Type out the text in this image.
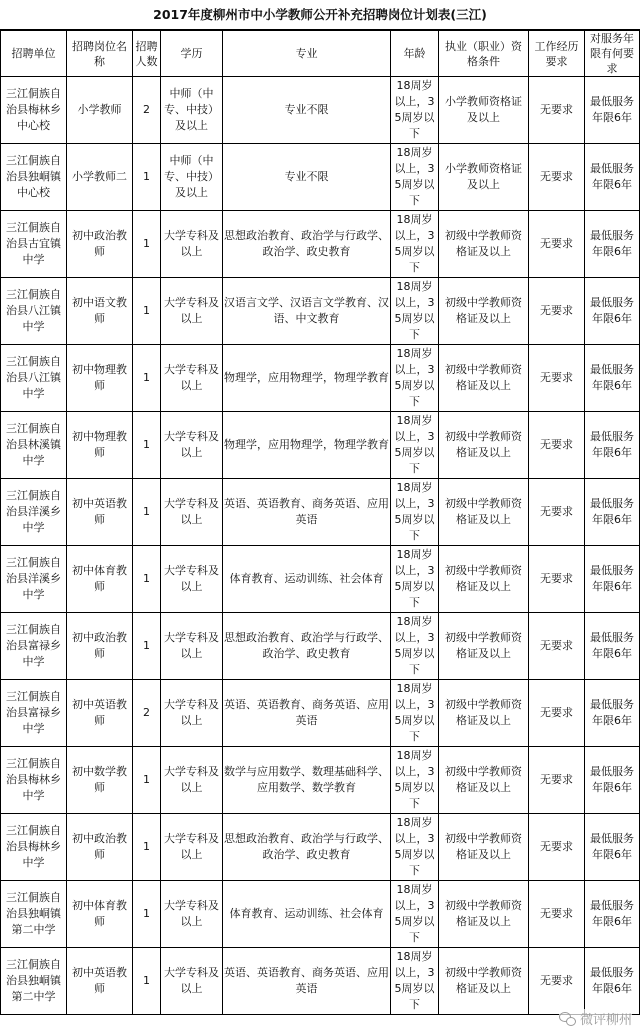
2017年度柳州市中小学教师公开补充招聘岗位计划表(三江)
招聘单位	招聘岗位名称	招聘人数	学历	专业	年龄	执业（职业）资格条件	工作经历要求	对服务年限有何要求
三江侗族自治县梅林乡中心校	小学教师	2	中师（中专、中技）及以上	专业不限	18周岁以上，35周岁以下	小学教师资格证及以上	无要求	最低服务年限6年
三江侗族自治县独峒镇中心校	小学教师二	1	中师（中专、中技）及以上	专业不限	18周岁以上，35周岁以下	小学教师资格证及以上	无要求	最低服务年限6年
三江侗族自治县古宜镇中学	初中政治教师	1	大学专科及以上	思想政治教育、政治学与行政学、政治学、政史教育	18周岁以上，35周岁以下	初级中学教师资格证及以上	无要求	最低服务年限6年
三江侗族自治县八江镇中学	初中语文教师	1	大学专科及以上	汉语言文学、汉语言文学教育、汉语、中文教育	18周岁以上，35周岁以下	初级中学教师资格证及以上	无要求	最低服务年限6年
三江侗族自治县八江镇中学	初中物理教师	1	大学专科及以上	物理学，应用物理学，物理学教育	18周岁以上，35周岁以下	初级中学教师资格证及以上	无要求	最低服务年限6年
三江侗族自治县林溪镇中学	初中物理教师	1	大学专科及以上	物理学，应用物理学，物理学教育	18周岁以上，35周岁以下	初级中学教师资格证及以上	无要求	最低服务年限6年
三江侗族自治县洋溪乡中学	初中英语教师	1	大学专科及以上	英语、英语教育、商务英语、应用英语	18周岁以上，35周岁以下	初级中学教师资格证及以上	无要求	最低服务年限6年
三江侗族自治县洋溪乡中学	初中体育教师	1	大学专科及以上	体育教育、运动训练、社会体育	18周岁以上，35周岁以下	初级中学教师资格证及以上	无要求	最低服务年限6年
三江侗族自治县富禄乡中学	初中政治教师	1	大学专科及以上	思想政治教育、政治学与行政学、政治学、政史教育	18周岁以上，35周岁以下	初级中学教师资格证及以上	无要求	最低服务年限6年
三江侗族自治县富禄乡中学	初中英语教师	2	大学专科及以上	英语、英语教育、商务英语、应用英语	18周岁以上，35周岁以下	初级中学教师资格证及以上	无要求	最低服务年限6年
三江侗族自治县梅林乡中学	初中数学教师	1	大学专科及以上	数学与应用数学、数理基础科学、应用数学、数学教育	18周岁以上，35周岁以下	初级中学教师资格证及以上	无要求	最低服务年限6年
三江侗族自治县梅林乡中学	初中政治教师	1	大学专科及以上	思想政治教育、政治学与行政学、政治学、政史教育	18周岁以上，35周岁以下	初级中学教师资格证及以上	无要求	最低服务年限6年
三江侗族自治县独峒镇第二中学	初中体育教师	1	大学专科及以上	体育教育、运动训练、社会体育	18周岁以上，35周岁以下	初级中学教师资格证及以上	无要求	最低服务年限6年
三江侗族自治县独峒镇第二中学	初中英语教师	1	大学专科及以上	英语、英语教育、商务英语、应用英语	18周岁以上，35周岁以下	初级中学教师资格证及以上	无要求	最低服务年限6年
微评柳州
